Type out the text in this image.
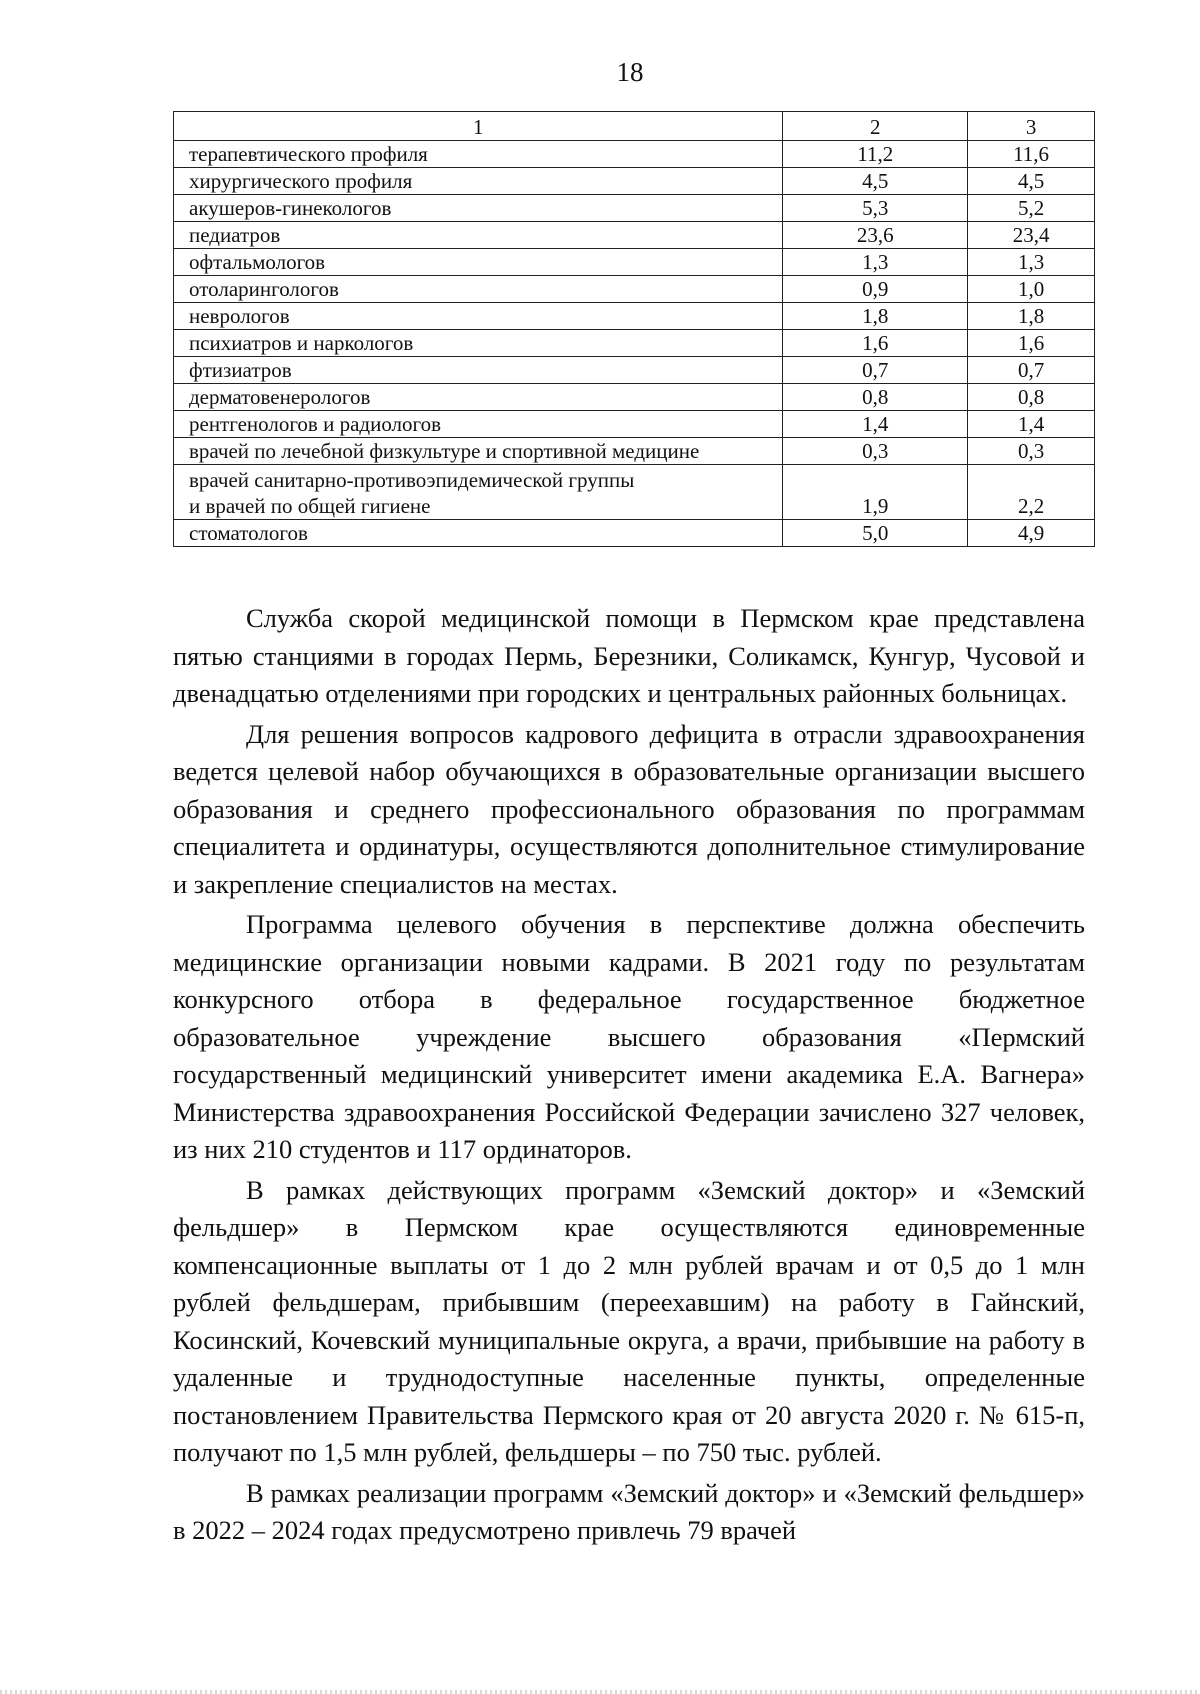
18
1	2	3
терапевтического профиля	11,2	11,6
хирургического профиля	4,5	4,5
акушеров-гинекологов	5,3	5,2
педиатров	23,6	23,4
офтальмологов	1,3	1,3
отоларингологов	0,9	1,0
неврологов	1,8	1,8
психиатров и наркологов	1,6	1,6
фтизиатров	0,7	0,7
дерматовенерологов	0,8	0,8
рентгенологов и радиологов	1,4	1,4
врачей по лечебной физкультуре и спортивной медицине	0,3	0,3
врачей санитарно-противоэпидемической группы
и врачей по общей гигиене	1,9	2,2
стоматологов	5,0	4,9

Служба скорой медицинской помощи в Пермском крае представлена пятью станциями в городах Пермь, Березники, Соликамск, Кунгур, Чусовой и двенадцатью отделениями при городских и центральных районных больницах.

Для решения вопросов кадрового дефицита в отрасли здравоохранения ведется целевой набор обучающихся в образовательные организации высшего образования и среднего профессионального образования по программам специалитета и ординатуры, осуществляются дополнительное стимулирование и закрепление специалистов на местах.

Программа целевого обучения в перспективе должна обеспечить медицинские организации новыми кадрами. В 2021 году по результатам конкурсного отбора в федеральное государственное бюджетное образовательное учреждение высшего образования «Пермский государственный медицинский университет имени академика Е.А. Вагнера» Министерства здравоохранения Российской Федерации зачислено 327 человек, из них 210 студентов и 117 ординаторов.

В рамках действующих программ «Земский доктор» и «Земский фельдшер» в Пермском крае осуществляются единовременные компенсационные выплаты от 1 до 2 млн рублей врачам и от 0,5 до 1 млн рублей фельдшерам, прибывшим (переехавшим) на работу в Гайнский, Косинский, Кочевский муниципальные округа, а врачи, прибывшие на работу в удаленные и труднодоступные населенные пункты, определенные постановлением Правительства Пермского края от 20 августа 2020 г. № 615-п, получают по 1,5 млн рублей, фельдшеры – по 750 тыс. рублей.

В рамках реализации программ «Земский доктор» и «Земский фельдшер» в 2022 – 2024 годах предусмотрено привлечь 79 врачей
